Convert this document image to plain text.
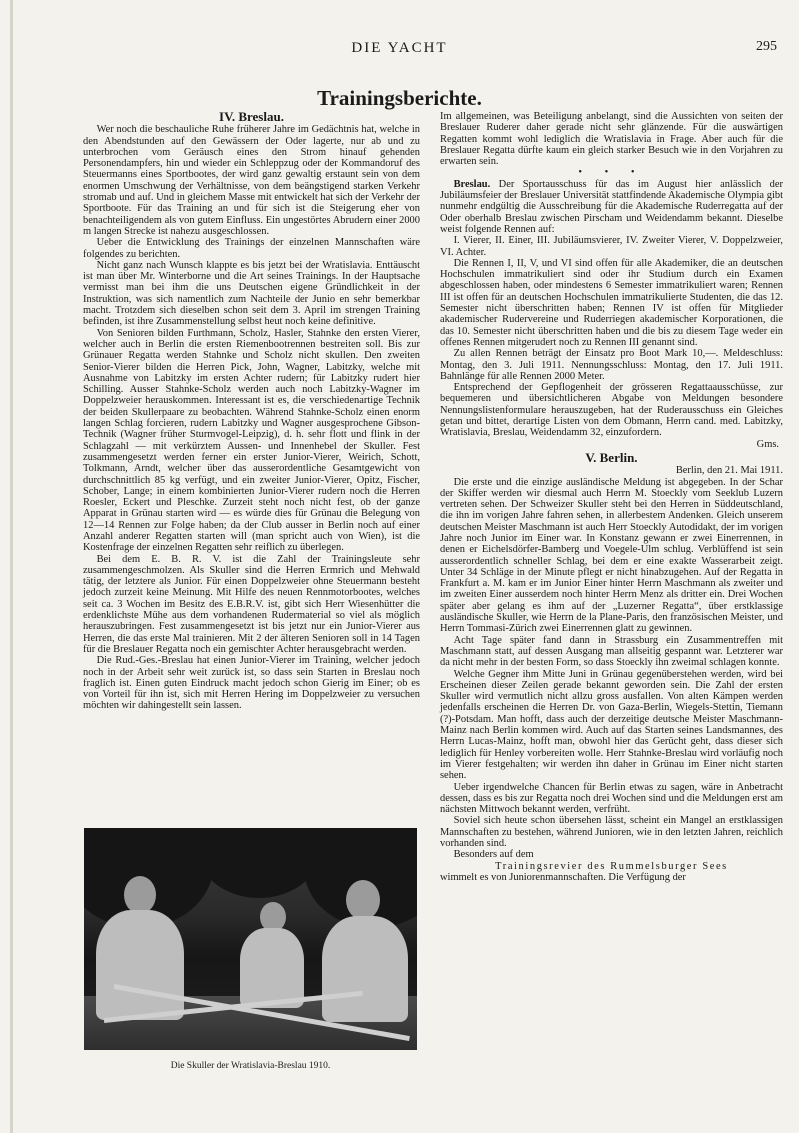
DIE YACHT	295
Trainingsberichte.
IV. Breslau.

Wer noch die beschauliche Ruhe früherer Jahre im Gedächtnis hat, welche in den Abendstunden auf den Gewässern der Oder lagerte, nur ab und zu unterbrochen vom Geräusch eines den Strom hinauf gehenden Personendampfers, hin und wieder ein Schleppzug oder der Kommandoruf des Steuermanns eines Sportbootes, der wird ganz gewaltig erstaunt sein von dem enormen Umschwung der Verhältnisse, von dem beängstigend starken Verkehr stromab und auf. Und in gleichem Masse mit entwickelt hat sich der Verkehr der Sportboote. Für das Training an und für sich ist die Steigerung eher von benachteiligendem als von gutem Einfluss. Ein ungestörtes Abrudern einer 2000 m langen Strecke ist nahezu ausgeschlossen.

Ueber die Entwicklung des Trainings der einzelnen Mannschaften wäre folgendes zu berichten.

Nicht ganz nach Wunsch klappte es bis jetzt bei der Wratislavia. Enttäuscht ist man über Mr. Winterborne und die Art seines Trainings. In der Hauptsache vermisst man bei ihm die uns Deutschen eigene Gründlichkeit in der Instruktion, was sich namentlich zum Nachteile der Junio en sehr bemerkbar macht. Trotzdem sich dieselben schon seit dem 3. April im strengen Training befinden, ist ihre Zusammenstellung selbst heut noch keine definitive.

Von Senioren bilden Furthmann, Scholz, Hasler, Stahnke den ersten Vierer, welcher auch in Berlin die ersten Riemenbootrennen bestreiten soll. Bis zur Grünauer Regatta werden Stahnke und Scholz nicht skullen. Den zweiten Senior-Vierer bilden die Herren Pick, John, Wagner, Labitzky, welche mit Ausnahme von Labitzky im ersten Achter rudern; für Labitzky rudert hier Schilling. Ausser Stahnke-Scholz werden auch noch Labitzky-Wagner im Doppelzweier herauskommen. Interessant ist es, die verschiedenartige Technik der beiden Skullerpaare zu beobachten. Während Stahnke-Scholz einen enorm langen Schlag forcieren, rudern Labitzky und Wagner ausgesprochene Gibson-Technik (Wagner früher Sturmvogel-Leipzig), d. h. sehr flott und flink in der Schlagzahl — mit verkürztem Aussen- und Innenhebel der Skuller. Fest zusammengesetzt werden ferner ein erster Junior-Vierer, Weirich, Schott, Tolkmann, Arndt, welcher über das ausserordentliche Gesamtgewicht von durchschnittlich 85 kg verfügt, und ein zweiter Junior-Vierer, Opitz, Fischer, Schober, Lange; in einem kombinierten Junior-Vierer rudern noch die Herren Roesler, Eckert und Pleschke. Zurzeit steht noch nicht fest, ob der ganze Apparat in Grünau starten wird — es würde dies für Grünau die Belegung von 12—14 Rennen zur Folge haben; da der Club ausser in Berlin noch auf einer Anzahl anderer Regatten starten will (man spricht auch von Wien), ist die Kostenfrage der einzelnen Regatten sehr reiflich zu überlegen.

Bei dem E. B. R. V. ist die Zahl der Trainingsleute sehr zusammengeschmolzen. Als Skuller sind die Herren Ermrich und Mehwald tätig, der letztere als Junior. Für einen Doppelzweier ohne Steuermann besteht jedoch zurzeit keine Meinung. Mit Hilfe des neuen Rennmotorbootes, welches seit ca. 3 Wochen im Besitz des E.B.R.V. ist, gibt sich Herr Wiesenhütter die erdenklichste Mühe aus dem vorhandenen Rudermaterial so viel als möglich herauszubringen. Fest zusammengesetzt ist bis jetzt nur ein Junior-Vierer aus Herren, die das erste Mal trainieren. Mit 2 der älteren Senioren soll in 14 Tagen für die Breslauer Regatta noch ein gemischter Achter herausgebracht werden.

Die Rud.-Ges.-Breslau hat einen Junior-Vierer im Training, welcher jedoch noch in der Arbeit sehr weit zurück ist, so dass sein Starten in Breslau noch fraglich ist. Einen guten Eindruck macht jedoch schon Gierig im Einer; ob es von Vorteil für ihn ist, sich mit Herren Hering im Doppelzweier zu versuchen möchten wir dahingestellt sein lassen.

Die Skuller der Wratislavia-Breslau 1910.

Im allgemeinen, was Beteiligung anbelangt, sind die Aussichten von seiten der Breslauer Ruderer daher gerade nicht sehr glänzende. Für die auswärtigen Regatten kommt wohl lediglich die Wratislavia in Frage. Aber auch für die Breslauer Regatta dürfte kaum ein gleich starker Besuch wie in den Vorjahren zu erwarten sein.

• • •

Breslau. Der Sportausschuss für das im August hier anlässlich der Jubiläumsfeier der Breslauer Universität stattfindende Akademische Olympia gibt nunmehr endgültig die Ausschreibung für die Akademische Ruderregatta auf der Oder oberhalb Breslau zwischen Pirscham und Weidendamm bekannt. Dieselbe weist folgende Rennen auf:

I. Vierer, II. Einer, III. Jubiläumsvierer, IV. Zweiter Vierer, V. Doppelzweier, VI. Achter.

Die Rennen I, II, V, und VI sind offen für alle Akademiker, die an deutschen Hochschulen immatrikuliert sind oder ihr Studium durch ein Examen abgeschlossen haben, oder mindestens 6 Semester immatrikuliert waren; Rennen III ist offen für an deutschen Hochschulen immatrikulierte Studenten, die das 12. Semester nicht überschritten haben; Rennen IV ist offen für Mitglieder akademischer Rudervereine und Ruderriegen akademischer Korporationen, die das 10. Semester nicht überschritten haben und die bis zu diesem Tage weder ein offenes Rennen mitgerudert noch zu Rennen III genannt sind.

Zu allen Rennen beträgt der Einsatz pro Boot Mark 10,—. Meldeschluss: Montag, den 3. Juli 1911. Nennungsschluss: Montag, den 17. Juli 1911. Bahnlänge für alle Rennen 2000 Meter.

Entsprechend der Gepflogenheit der grösseren Regattaausschüsse, zur bequemeren und übersichtlicheren Abgabe von Meldungen besondere Nennungslistenformulare herauszugeben, hat der Ruderausschuss ein Gleiches getan und bittet, derartige Listen von dem Obmann, Herrn cand. med. Labitzky, Wratislavia, Breslau, Weidendamm 32, einzufordern.

Gms.
V. Berlin.
Berlin, den 21. Mai 1911.

Die erste und die einzige ausländische Meldung ist abgegeben. In der Schar der Skiffer werden wir diesmal auch Herrn M. Stoeckly vom Seeklub Luzern vertreten sehen. Der Schweizer Skuller steht bei den Herren in Süddeutschland, die ihn im vorigen Jahre fahren sehen, in allerbestem Andenken. Gleich unserem deutschen Meister Maschmann ist auch Herr Stoeckly Autodidakt, der im vorigen Jahre noch Junior im Einer war. In Konstanz gewann er zwei Einerrennen, in denen er Eichelsdörfer-Bamberg und Voegele-Ulm schlug. Verblüffend ist sein ausserordentlich schneller Schlag, bei dem er eine exakte Wasserarbeit zeigt. Unter 34 Schläge in der Minute pflegt er nicht hinabzugehen. Auf der Regatta in Frankfurt a. M. kam er im Junior Einer hinter Herrn Maschmann als zweiter und im zweiten Einer ausserdem noch hinter Herrn Menz als dritter ein. Drei Wochen später aber gelang es ihm auf der „Luzerner Regatta“, über erstklassige ausländische Skuller, wie Herrn de la Plane-Paris, den französischen Meister, und Herrn Tommasi-Zürich zwei Einerrennen glatt zu gewinnen.

Acht Tage später fand dann in Strassburg ein Zusammentreffen mit Maschmann statt, auf dessen Ausgang man allseitig gespannt war. Letzterer war da nicht mehr in der besten Form, so dass Stoeckly ihn zweimal schlagen konnte.

Welche Gegner ihm Mitte Juni in Grünau gegenüberstehen werden, wird bei Erscheinen dieser Zeilen gerade bekannt geworden sein. Die Zahl der ersten Skuller wird vermutlich nicht allzu gross ausfallen. Von alten Kämpen werden jedenfalls erscheinen die Herren Dr. von Gaza-Berlin, Wiegels-Stettin, Tiemann (?)-Potsdam. Man hofft, dass auch der derzeitige deutsche Meister Maschmann-Mainz nach Berlin kommen wird. Auch auf das Starten seines Landsmannes, des Herrn Lucas-Mainz, hofft man, obwohl hier das Gerücht geht, dass dieser sich lediglich für Henley vorbereiten wolle. Herr Stahnke-Breslau wird vorläufig noch im Vierer festgehalten; wir werden ihn daher in Grünau im Einer nicht starten sehen.

Ueber irgendwelche Chancen für Berlin etwas zu sagen, wäre in Anbetracht dessen, dass es bis zur Regatta noch drei Wochen sind und die Meldungen erst am nächsten Mittwoch bekannt werden, verfrüht.

Soviel sich heute schon übersehen lässt, scheint ein Mangel an erstklassigen Mannschaften zu bestehen, während Junioren, wie in den letzten Jahren, reichlich vorhanden sind.

Besonders auf dem

Trainingsrevier des Rummelsburger Sees

wimmelt es von Juniorenmannschaften. Die Verfügung der
